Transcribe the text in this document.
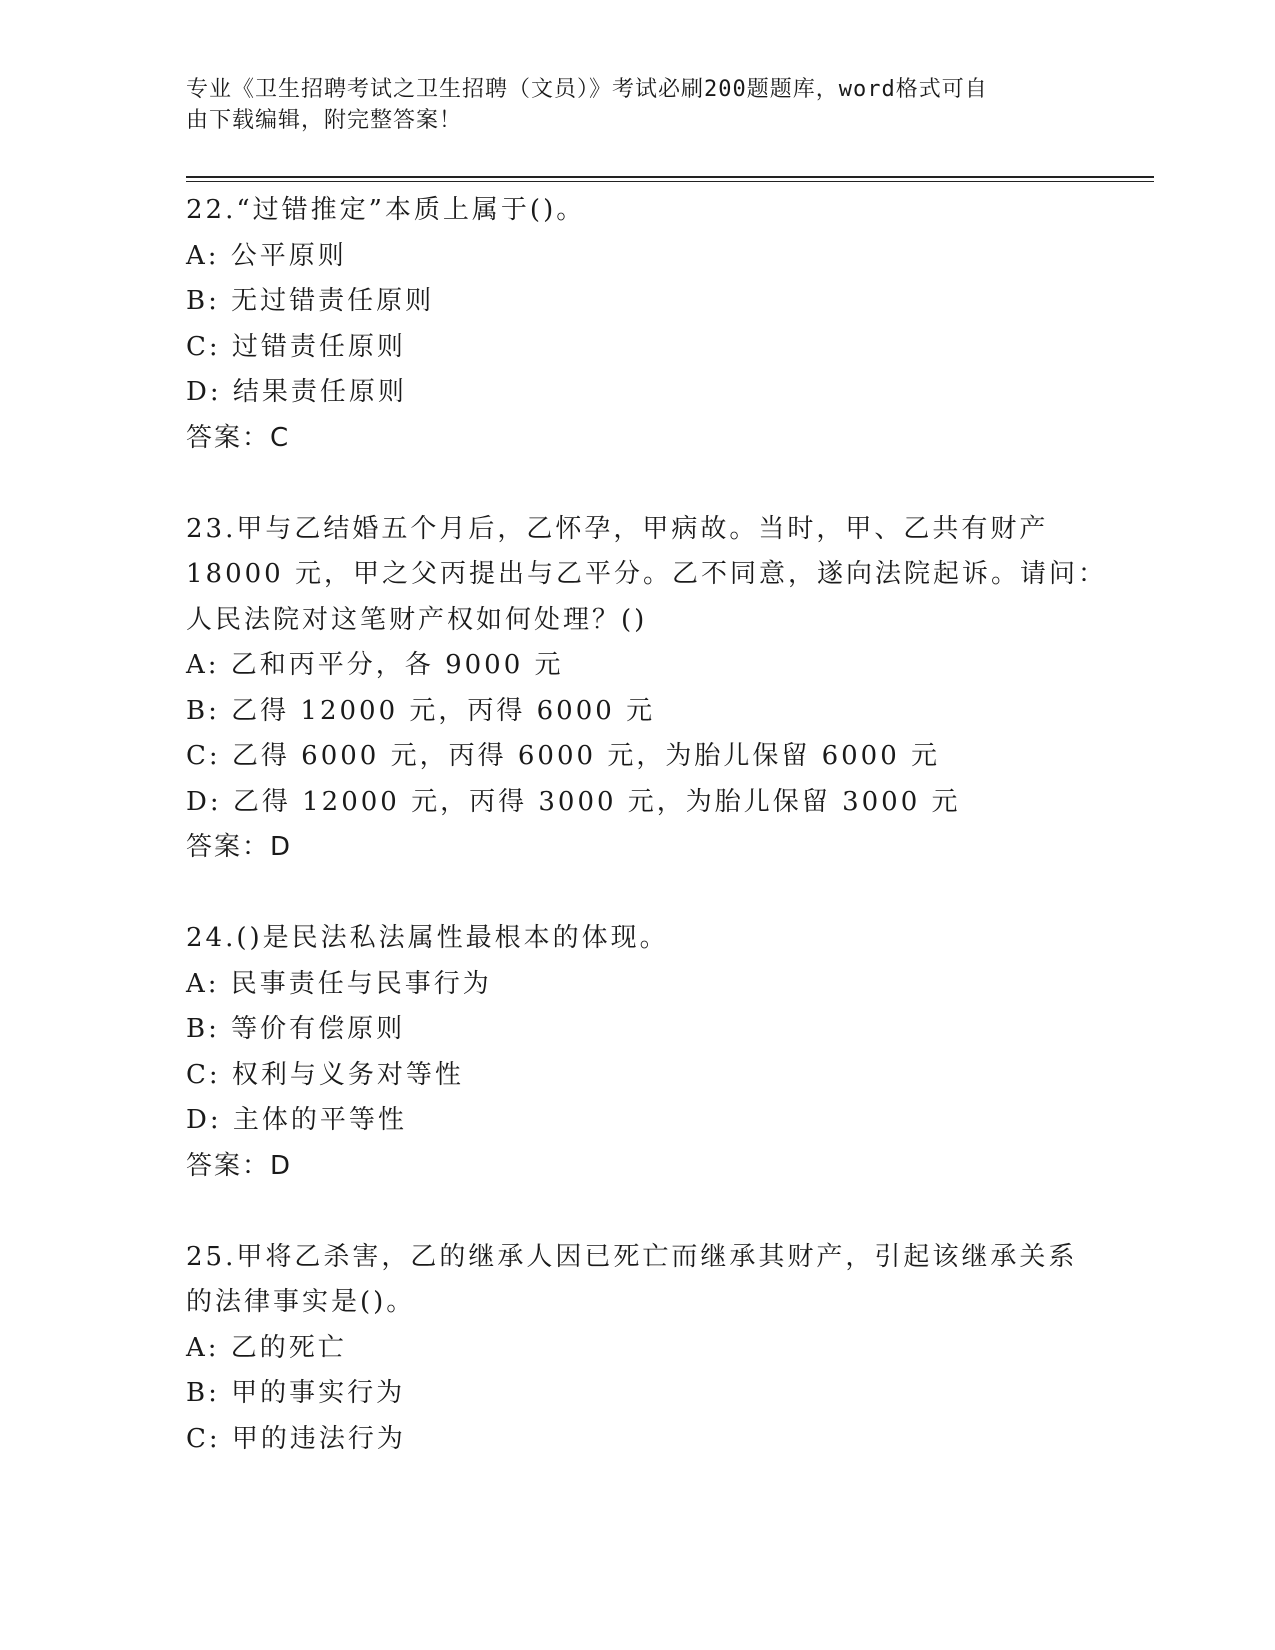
专业《卫生招聘考试之卫生招聘（文员）》考试必刷200题题库，word格式可自
由下载编辑，附完整答案！
22.“过错推定”本质上属于()。
A: 公平原则
B: 无过错责任原则
C: 过错责任原则
D: 结果责任原则
答案：C
23.甲与乙结婚五个月后，乙怀孕，甲病故。当时，甲、乙共有财产
18000 元，甲之父丙提出与乙平分。乙不同意，遂向法院起诉。请问：
人民法院对这笔财产权如何处理？()
A: 乙和丙平分，各 9000 元
B: 乙得 12000 元，丙得 6000 元
C: 乙得 6000 元，丙得 6000 元，为胎儿保留 6000 元
D: 乙得 12000 元，丙得 3000 元，为胎儿保留 3000 元
答案：D
24.()是民法私法属性最根本的体现。
A: 民事责任与民事行为
B: 等价有偿原则
C: 权利与义务对等性
D: 主体的平等性
答案：D
25.甲将乙杀害，乙的继承人因已死亡而继承其财产，引起该继承关系
的法律事实是()。
A: 乙的死亡
B: 甲的事实行为
C: 甲的违法行为
